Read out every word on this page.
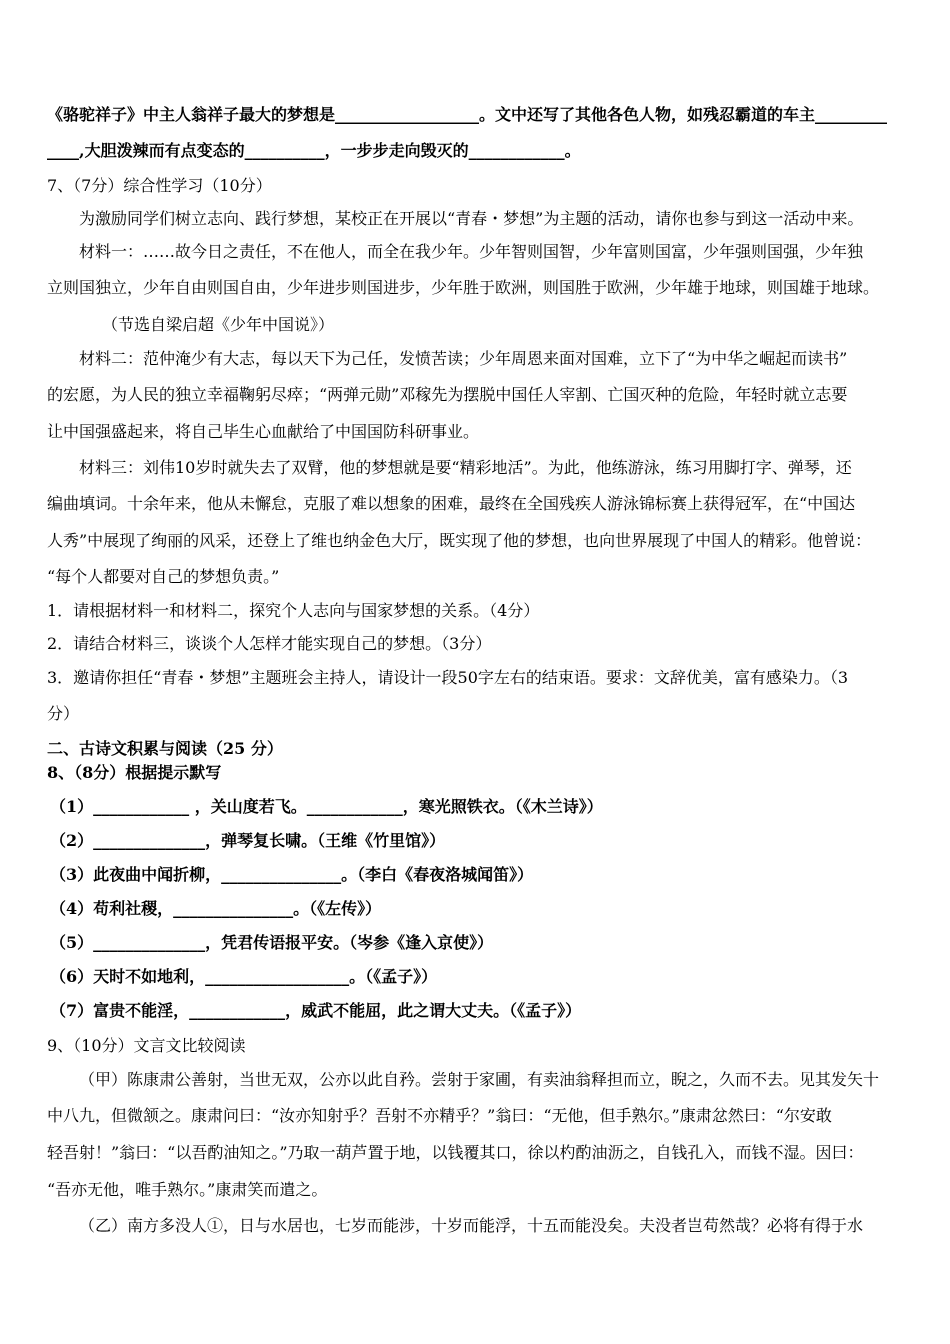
《骆驼祥子》中主人翁祥子最大的梦想是__________________。文中还写了其他各色人物，如残忍霸道的车主_________
____,大胆泼辣而有点变态的__________，一步步走向毁灭的____________。
7、（7分）综合性学习（10分）
为激励同学们树立志向、践行梦想，某校正在开展以“青春・梦想”为主题的活动，请你也参与到这一活动中来。
材料一：……故今日之责任，不在他人，而全在我少年。少年智则国智，少年富则国富，少年强则国强，少年独
立则国独立，少年自由则国自由，少年进步则国进步，少年胜于欧洲，则国胜于欧洲，少年雄于地球，则国雄于地球。
（节选自梁启超《少年中国说》）
材料二：范仲淹少有大志，每以天下为己任，发愤苦读；少年周恩来面对国难，立下了“为中华之崛起而读书”
的宏愿，为人民的独立幸福鞠躬尽瘁；“两弹元勋”邓稼先为摆脱中国任人宰割、亡国灭种的危险，年轻时就立志要
让中国强盛起来，将自己毕生心血献给了中国国防科研事业。
材料三：刘伟10岁时就失去了双臂，他的梦想就是要“精彩地活”。为此，他练游泳，练习用脚打字、弹琴，还
编曲填词。十余年来，他从未懈怠，克服了难以想象的困难，最终在全国残疾人游泳锦标赛上获得冠军，在“中国达
人秀”中展现了绚丽的风采，还登上了维也纳金色大厅，既实现了他的梦想，也向世界展现了中国人的精彩。他曾说：
“每个人都要对自己的梦想负责。”
1．请根据材料一和材料二，探究个人志向与国家梦想的关系。（4分）
2．请结合材料三，谈谈个人怎样才能实现自己的梦想。（3分）
3．邀请你担任“青春・梦想”主题班会主持人，请设计一段50字左右的结束语。要求：文辞优美，富有感染力。（3
分）
二、古诗文积累与阅读（25 分）
8、（8分）根据提示默写
（1）____________ ，关山度若飞。____________，寒光照铁衣。（《木兰诗》）
（2）______________，弹琴复长啸。（王维《竹里馆》）
（3）此夜曲中闻折柳，_______________。（李白《春夜洛城闻笛》）
（4）苟利社稷，_______________。（《左传》）
（5）______________，凭君传语报平安。（岑参《逢入京使》）
（6）天时不如地利，__________________。（《孟子》）
（7）富贵不能淫，____________，威武不能屈，此之谓大丈夫。（《孟子》）
9、（10分）文言文比较阅读
（甲）陈康肃公善射，当世无双，公亦以此自矜。尝射于家圃，有卖油翁释担而立，睨之，久而不去。见其发矢十
中八九，但微颔之。康肃问曰：“汝亦知射乎？吾射不亦精乎？”翁曰：“无他，但手熟尔。”康肃忿然曰：“尔安敢
轻吾射！”翁曰：“以吾酌油知之。”乃取一葫芦置于地，以钱覆其口，徐以杓酌油沥之，自钱孔入，而钱不湿。因曰：
“吾亦无他，唯手熟尔。”康肃笑而遣之。
（乙）南方多没人①，日与水居也，七岁而能涉，十岁而能浮，十五而能没矣。夫没者岂苟然哉？必将有得于水
